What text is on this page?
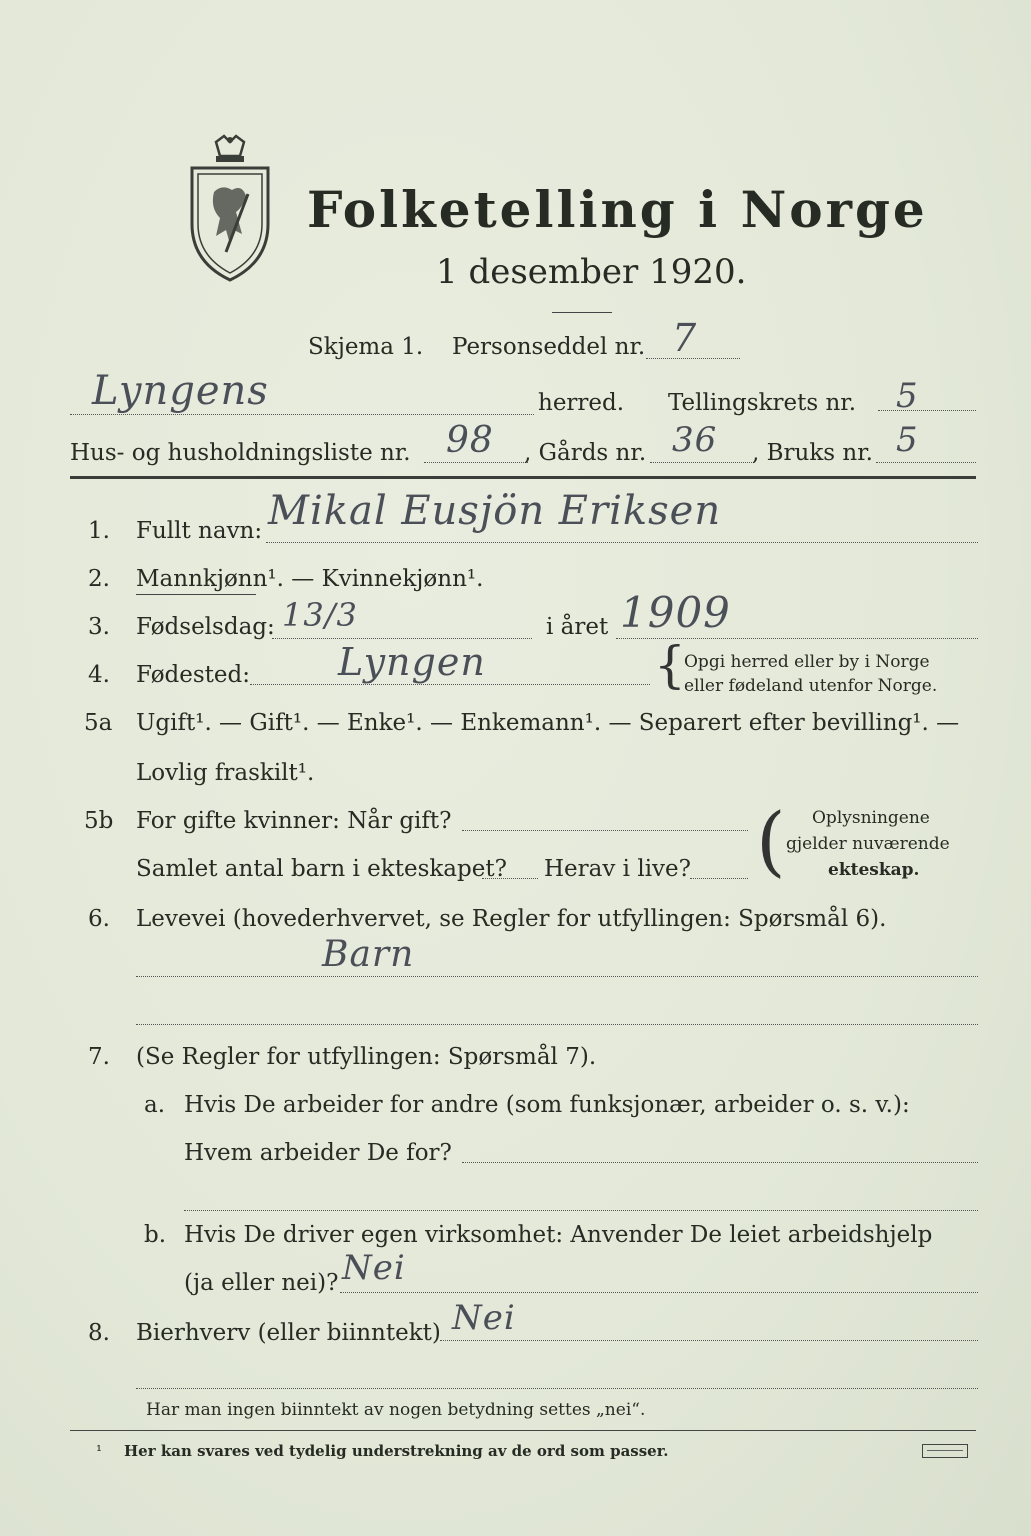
Folketelling i Norge
1 desember 1920.
Skjema 1. Personseddel nr. 7
Lyngens	herred. Tellingskrets nr. 5
Hus- og husholdningsliste nr. 98 , Gårds nr. 36 , Bruks nr. 5
1. Fullt navn: Mikal Eusjön Eriksen
2. Mannkjønn¹. — Kvinnekjønn¹.
3. Fødselsdag: 13/3	i året 1909
4. Fødested: Lyngen	{
Opgi herred eller by i Norge
eller fødeland utenfor Norge.
5a Ugift¹. — Gift¹. — Enke¹. — Enkemann¹. — Separert efter bevilling¹. —
Lovlig fraskilt¹.
5b For gifte kvinner: Når gift?
Samlet antal barn i ekteskapet? Herav i live? ( Oplysningene
gjelder nuværende
ekteskap.
6. Levevei (hovederhvervet, se Regler for utfyllingen: Spørsmål 6).
Barn
7. (Se Regler for utfyllingen: Spørsmål 7).
a. Hvis De arbeider for andre (som funksjonær, arbeider o. s. v.):
Hvem arbeider De for?
b. Hvis De driver egen virksomhet: Anvender De leiet arbeidshjelp
(ja eller nei)? Nei
8. Bierhverv (eller biinntekt) Nei
Har man ingen biinntekt av nogen betydning settes „nei“.
¹ Her kan svares ved tydelig understrekning av de ord som passer.
